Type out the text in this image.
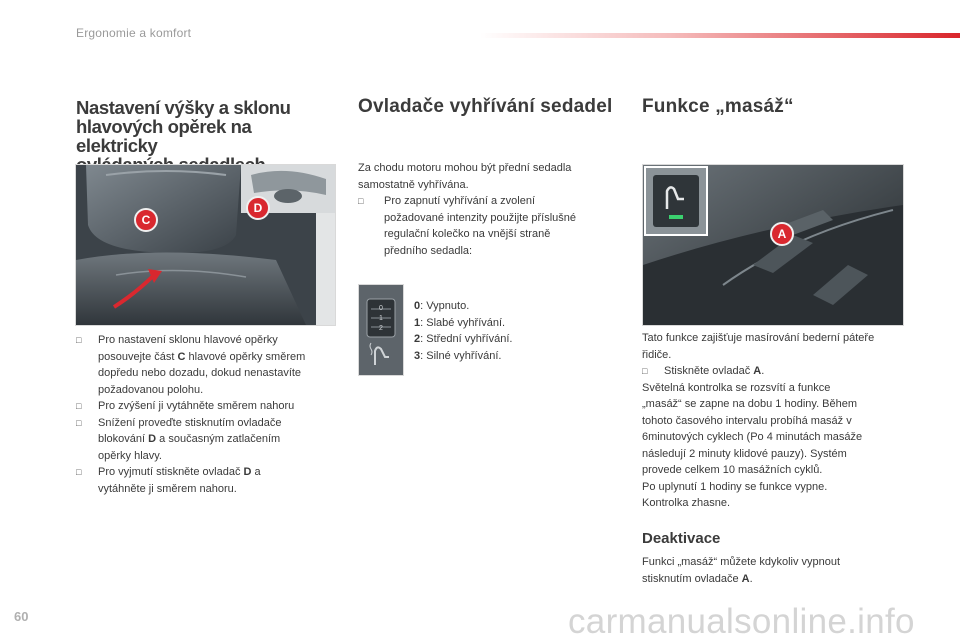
Ergonomie a komfort
Nastavení výšky a sklonu
hlavových opěrek na elektricky
C
D
□ Pro nastavení sklonu hlavové opěrky
posouvejte část C hlavové opěrky směrem
dopředu nebo dozadu, dokud nenastavíte
požadovanou polohu.
□ Pro zvýšení ji vytáhněte směrem nahoru
□ Snížení proveďte stisknutím ovladače
blokování D a současným zatlačením
opěrky hlavy.
□ Pro vyjmutí stiskněte ovladač D a
vytáhněte ji směrem nahoru.
Ovladače vyhřívání sedadel
Za chodu motoru mohou být přední sedadla
samostatně vyhřívána.
□ Pro zapnutí vyhřívání a zvolení
požadované intenzity použijte příslušné
regulační kolečko na vnější straně
předního sedadla:
0
1
2
0: Vypnuto.
1: Slabé vyhřívání.
2: Střední vyhřívání.
3: Silné vyhřívání.
Funkce „masáž“
A
Tato funkce zajišťuje masírování bederní páteře
řidiče.
□ Stiskněte ovladač A.
Světelná kontrolka se rozsvítí a funkce
„masáž“ se zapne na dobu 1 hodiny. Během
tohoto časového intervalu probíhá masáž v
6minutových cyklech (Po 4 minutách masáže
následují 2 minuty klidové pauzy). Systém
provede celkem 10 masážních cyklů.
Po uplynutí 1 hodiny se funkce vypne.
Kontrolka zhasne.
Deaktivace
Funkci „masáž“ můžete kdykoliv vypnout
stisknutím ovladače A.
60	carmanualsonline.info
